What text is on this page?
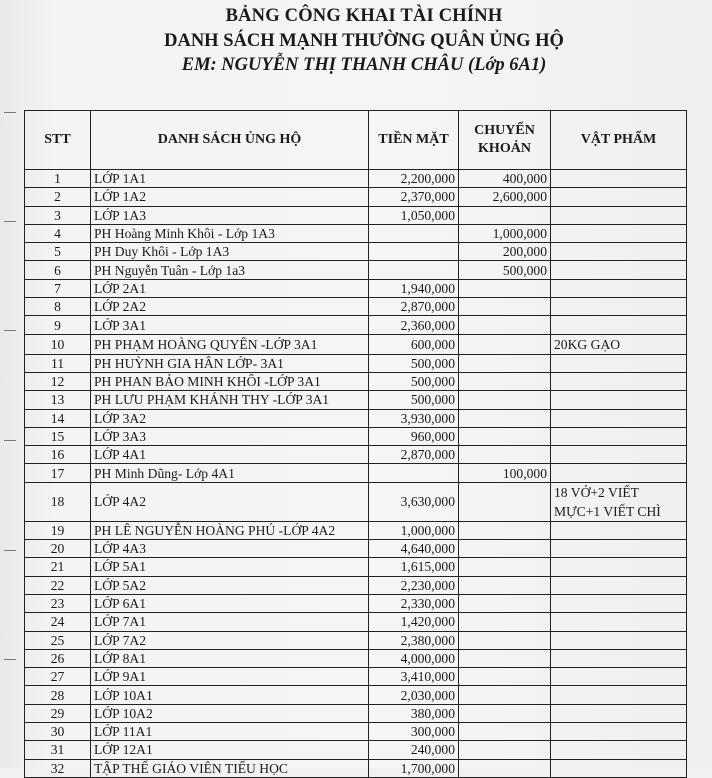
BẢNG CÔNG KHAI TÀI CHÍNH
DANH SÁCH MẠNH THƯỜNG QUÂN ỦNG HỘ
EM: NGUYỄN THỊ THANH CHÂU (Lớp 6A1)
STT	DANH SÁCH ỦNG HỘ	TIỀN MẶT	CHUYỂN KHOẢN	VẬT PHẨM
1	LỚP 1A1	2,200,000	400,000	
2	LỚP 1A2	2,370,000	2,600,000	
3	LỚP 1A3	1,050,000		
4	PH Hoàng Minh Khôi - Lớp 1A3		1,000,000	
5	PH Duy Khôi - Lớp 1A3		200,000	
6	PH Nguyễn Tuân - Lớp 1a3		500,000	
7	LỚP 2A1	1,940,000		
8	LỚP 2A2	2,870,000		
9	LỚP 3A1	2,360,000		
10	PH PHẠM HOÀNG QUYÊN -LỚP 3A1	600,000		20KG GẠO
11	PH HUỲNH GIA HÂN LỚP- 3A1	500,000		
12	PH PHAN BẢO MINH KHÔI -LỚP 3A1	500,000		
13	PH LƯU PHẠM KHÁNH THY -LỚP 3A1	500,000		
14	LỚP 3A2	3,930,000		
15	LỚP 3A3	960,000		
16	LỚP 4A1	2,870,000		
17	PH Minh Dũng- Lớp 4A1		100,000	
18	LỚP 4A2	3,630,000		18 VỞ+2 VIẾT MỰC+1 VIẾT CHÌ
19	PH LÊ NGUYỄN HOÀNG PHÚ -LỚP 4A2	1,000,000		
20	LỚP 4A3	4,640,000		
21	LỚP 5A1	1,615,000		
22	LỚP 5A2	2,230,000		
23	LỚP 6A1	2,330,000		
24	LỚP 7A1	1,420,000		
25	LỚP 7A2	2,380,000		
26	LỚP 8A1	4,000,000		
27	LỚP 9A1	3,410,000		
28	LỚP 10A1	2,030,000		
29	LỚP 10A2	380,000		
30	LỚP 11A1	300,000		
31	LỚP 12A1	240,000		
32	TẬP THỂ GIÁO VIÊN TIỂU HỌC	1,700,000		
